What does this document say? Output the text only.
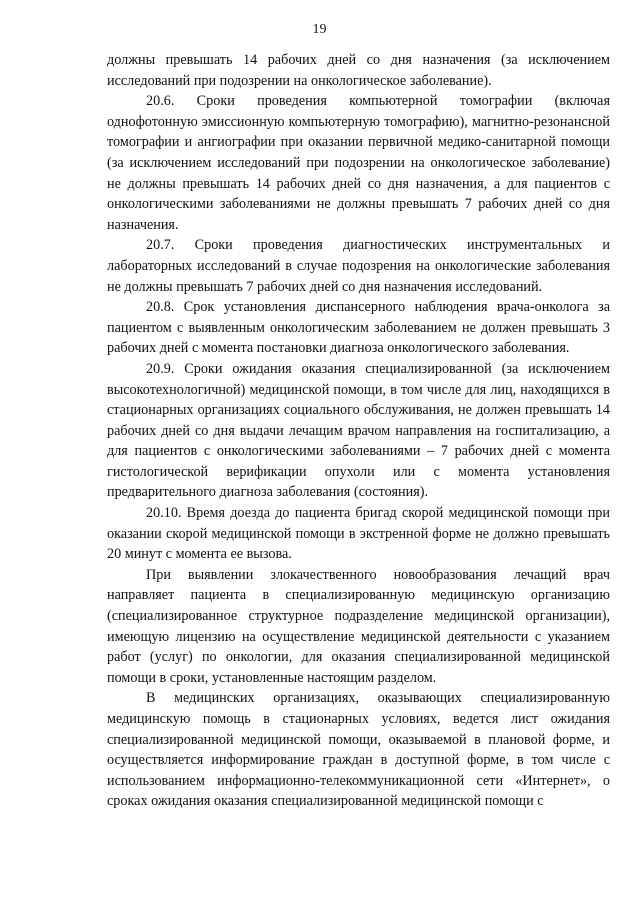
19

должны превышать 14 рабочих дней со дня назначения (за исключением исследований при подозрении на онкологическое заболевание).

20.6. Сроки проведения компьютерной томографии (включая однофотонную эмиссионную компьютерную томографию), магнитно-резонансной томографии и ангиографии при оказании первичной медико-санитарной помощи (за исключением исследований при подозрении на онкологическое заболевание) не должны превышать 14 рабочих дней со дня назначения, а для пациентов с онкологическими заболеваниями не должны превышать 7 рабочих дней со дня назначения.

20.7. Сроки проведения диагностических инструментальных и лабораторных исследований в случае подозрения на онкологические заболевания не должны превышать 7 рабочих дней со дня назначения исследований.

20.8. Срок установления диспансерного наблюдения врача-онколога за пациентом с выявленным онкологическим заболеванием не должен превышать 3 рабочих дней с момента постановки диагноза онкологического заболевания.

20.9. Сроки ожидания оказания специализированной (за исключением высокотехнологичной) медицинской помощи, в том числе для лиц, находящихся в стационарных организациях социального обслуживания, не должен превышать 14 рабочих дней со дня выдачи лечащим врачом направления на госпитализацию, а для пациентов с онкологическими заболеваниями – 7 рабочих дней с момента гистологической верификации опухоли или с момента установления предварительного диагноза заболевания (состояния).

20.10. Время доезда до пациента бригад скорой медицинской помощи при оказании скорой медицинской помощи в экстренной форме не должно превышать 20 минут с момента ее вызова.

При выявлении злокачественного новообразования лечащий врач направляет пациента в специализированную медицинскую организацию (специализированное структурное подразделение медицинской организации), имеющую лицензию на осуществление медицинской деятельности с указанием работ (услуг) по онкологии, для оказания специализированной медицинской помощи в сроки, установленные настоящим разделом.

В медицинских организациях, оказывающих специализированную медицинскую помощь в стационарных условиях, ведется лист ожидания специализированной медицинской помощи, оказываемой в плановой форме, и осуществляется информирование граждан в доступной форме, в том числе с использованием информационно-телекоммуникационной сети «Интернет», о сроках ожидания оказания специализированной медицинской помощи с
